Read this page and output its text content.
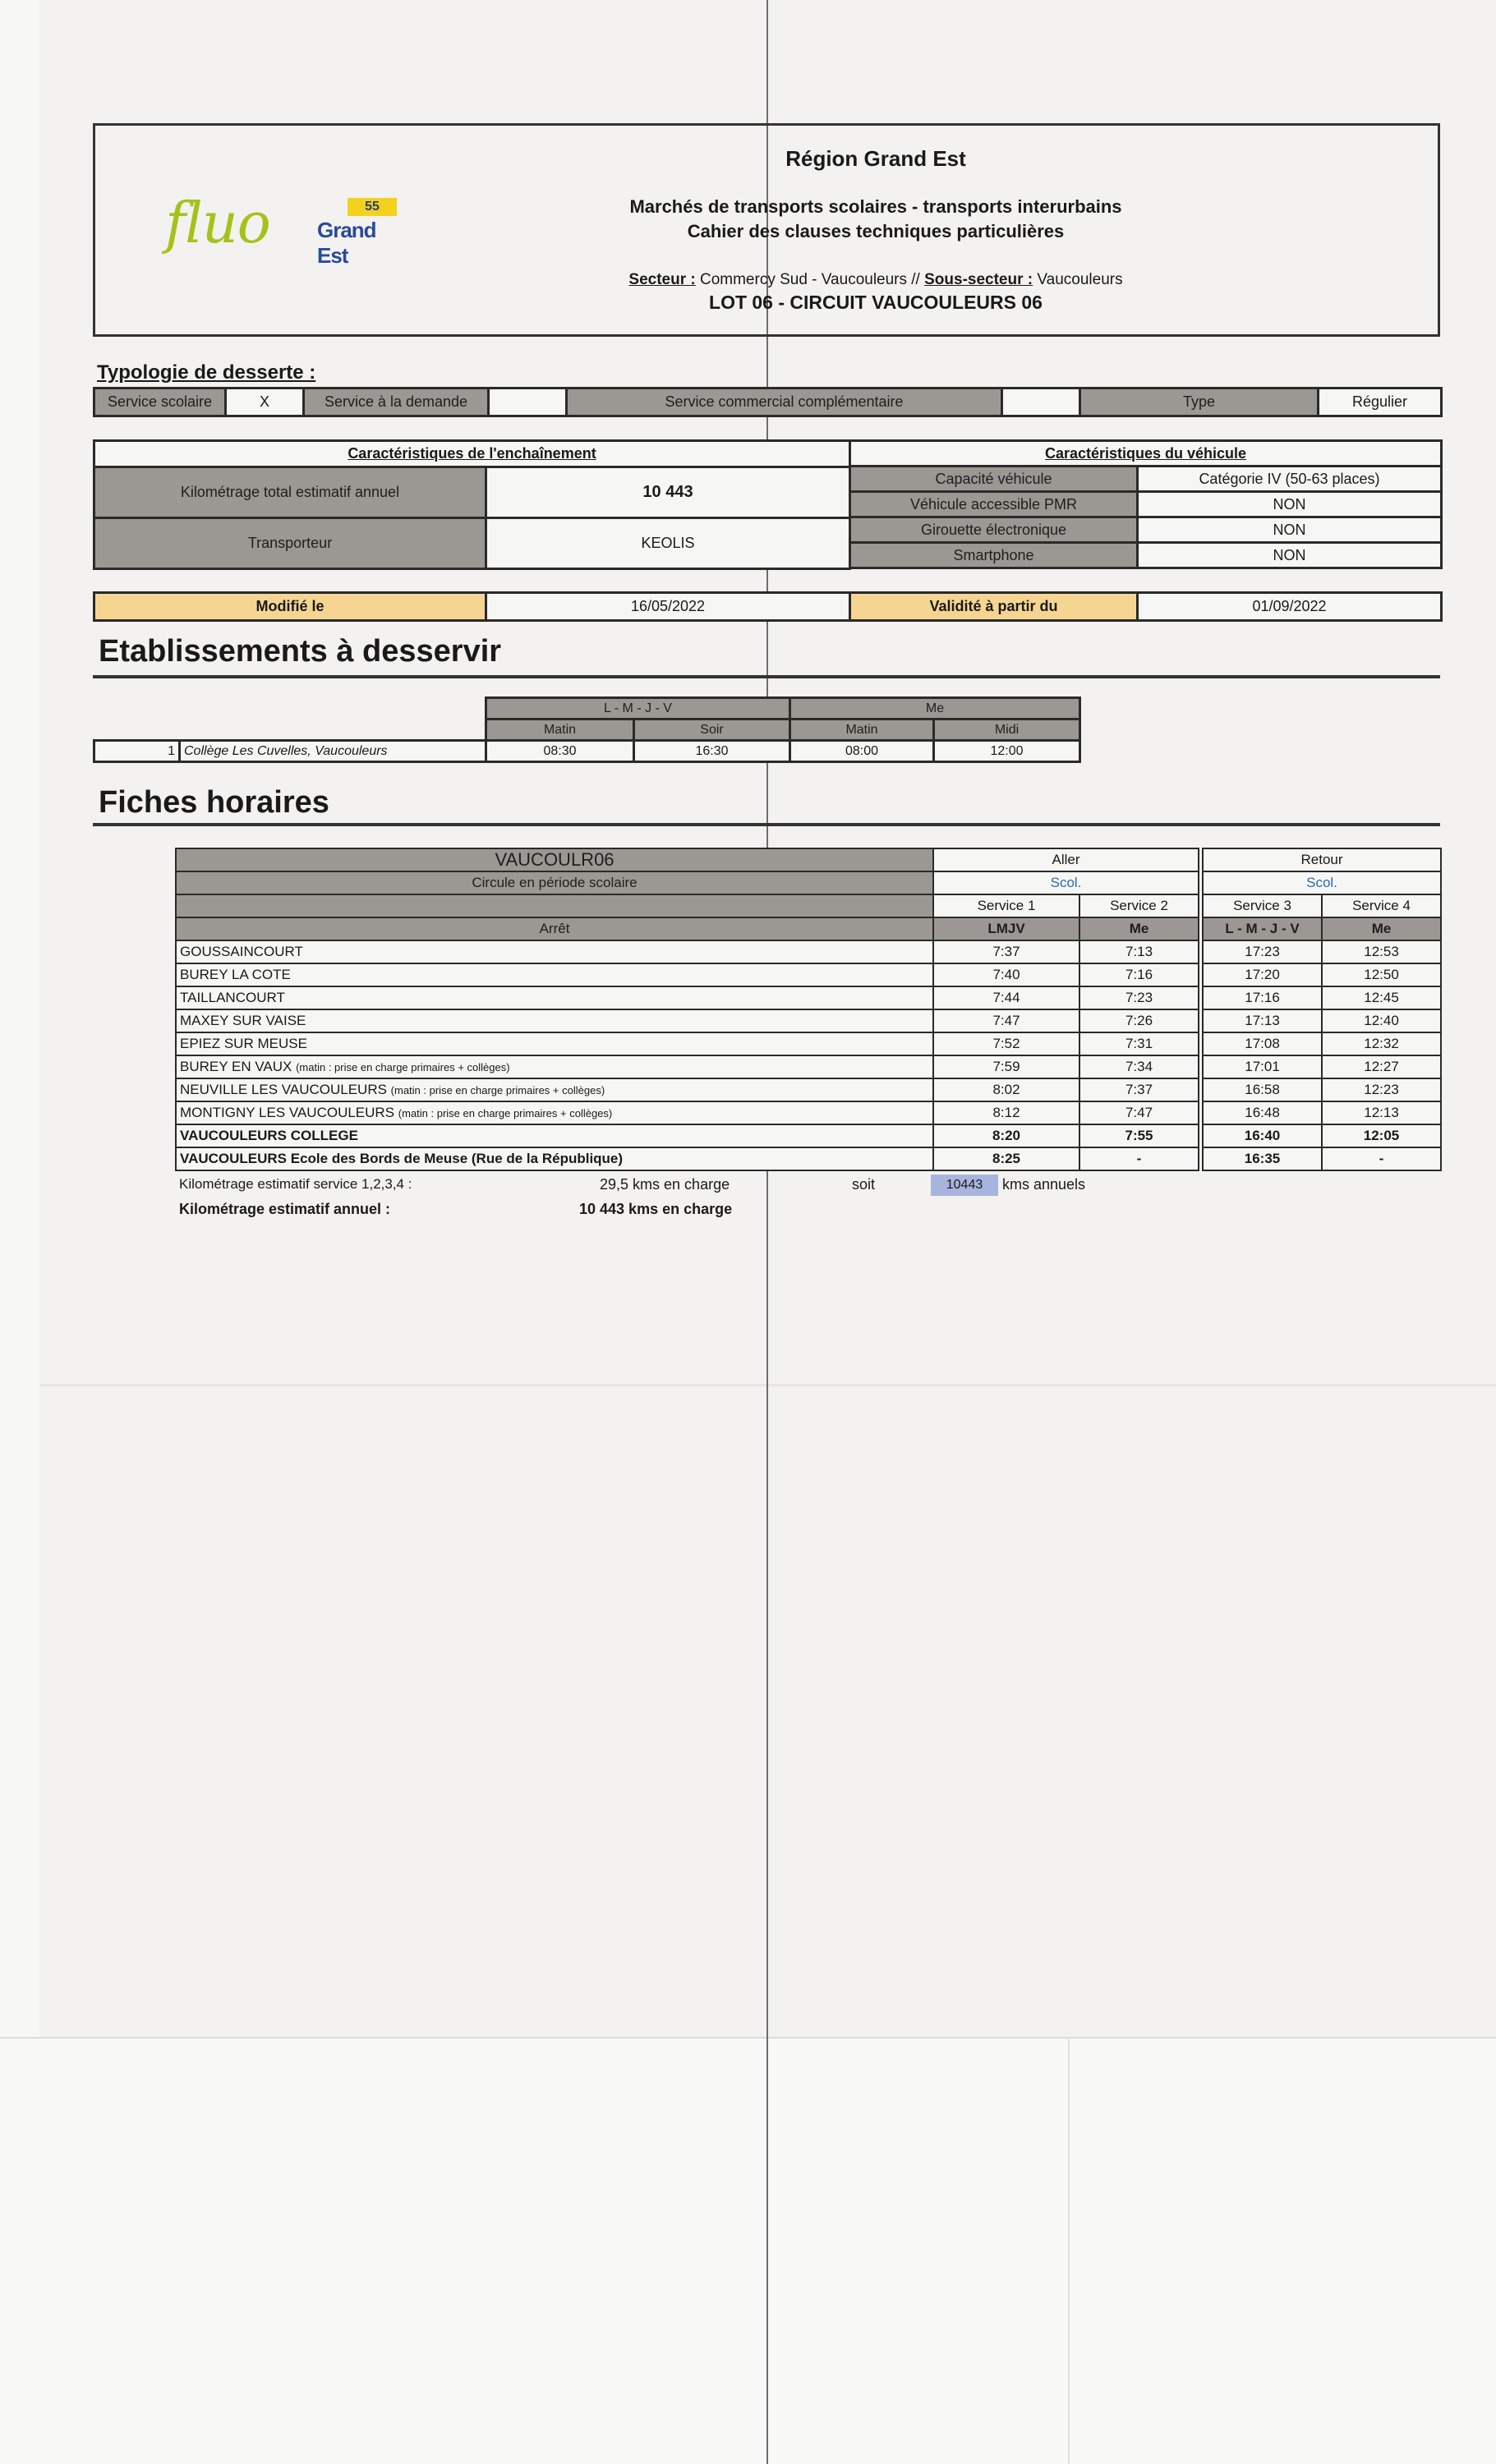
fluo	55
Grand Est
Région Grand Est
Marchés de transports scolaires - transports interurbains
Cahier des clauses techniques particulières
Secteur : Commercy Sud - Vaucouleurs // Sous-secteur : Vaucouleurs
LOT 06 - CIRCUIT VAUCOULEURS 06
Typologie de desserte :
Service scolaire	X	Service à la demande		Service commercial complémentaire		Type	Régulier
Caractéristiques de l'enchaînement	
Kilométrage total estimatif annuel	10 443
Transporteur	KEOLIS
Caractéristiques du véhicule	
Capacité véhicule	Catégorie IV (50-63 places)
Véhicule accessible PMR	NON
Girouette électronique	NON
Smartphone	NON
Modifié le	16/05/2022	Validité à partir du	01/09/2022
Etablissements à desservir
		L - M - J - V		Me	
		Matin	Soir	Matin	Midi
1	Collège Les Cuvelles, Vaucouleurs	08:30	16:30	08:00	12:00
Fiches horaires
VAUCOULR06	Aller			Retour	
Circule en période scolaire	Scol.			Scol.	
	Service 1	Service 2		Service 3	Service 4
Arrêt	LMJV	Me		L - M - J - V	Me
GOUSSAINCOURT	7:37	7:13		17:23	12:53
BUREY LA COTE	7:40	7:16		17:20	12:50
TAILLANCOURT	7:44	7:23		17:16	12:45
MAXEY SUR VAISE	7:47	7:26		17:13	12:40
EPIEZ SUR MEUSE	7:52	7:31		17:08	12:32
BUREY EN VAUX (matin : prise en charge primaires + collèges)	7:59	7:34		17:01	12:27
NEUVILLE LES VAUCOULEURS (matin : prise en charge primaires + collèges)	8:02	7:37		16:58	12:23
MONTIGNY LES VAUCOULEURS (matin : prise en charge primaires + collèges)	8:12	7:47		16:48	12:13
VAUCOULEURS COLLEGE	8:20	7:55		16:40	12:05
VAUCOULEURS Ecole des Bords de Meuse (Rue de la République)	8:25	-		16:35	-
Kilométrage estimatif service 1,2,3,4 :	29,5 kms en charge	soit	10443	kms annuels
Kilométrage estimatif annuel :	10 443 kms en charge
